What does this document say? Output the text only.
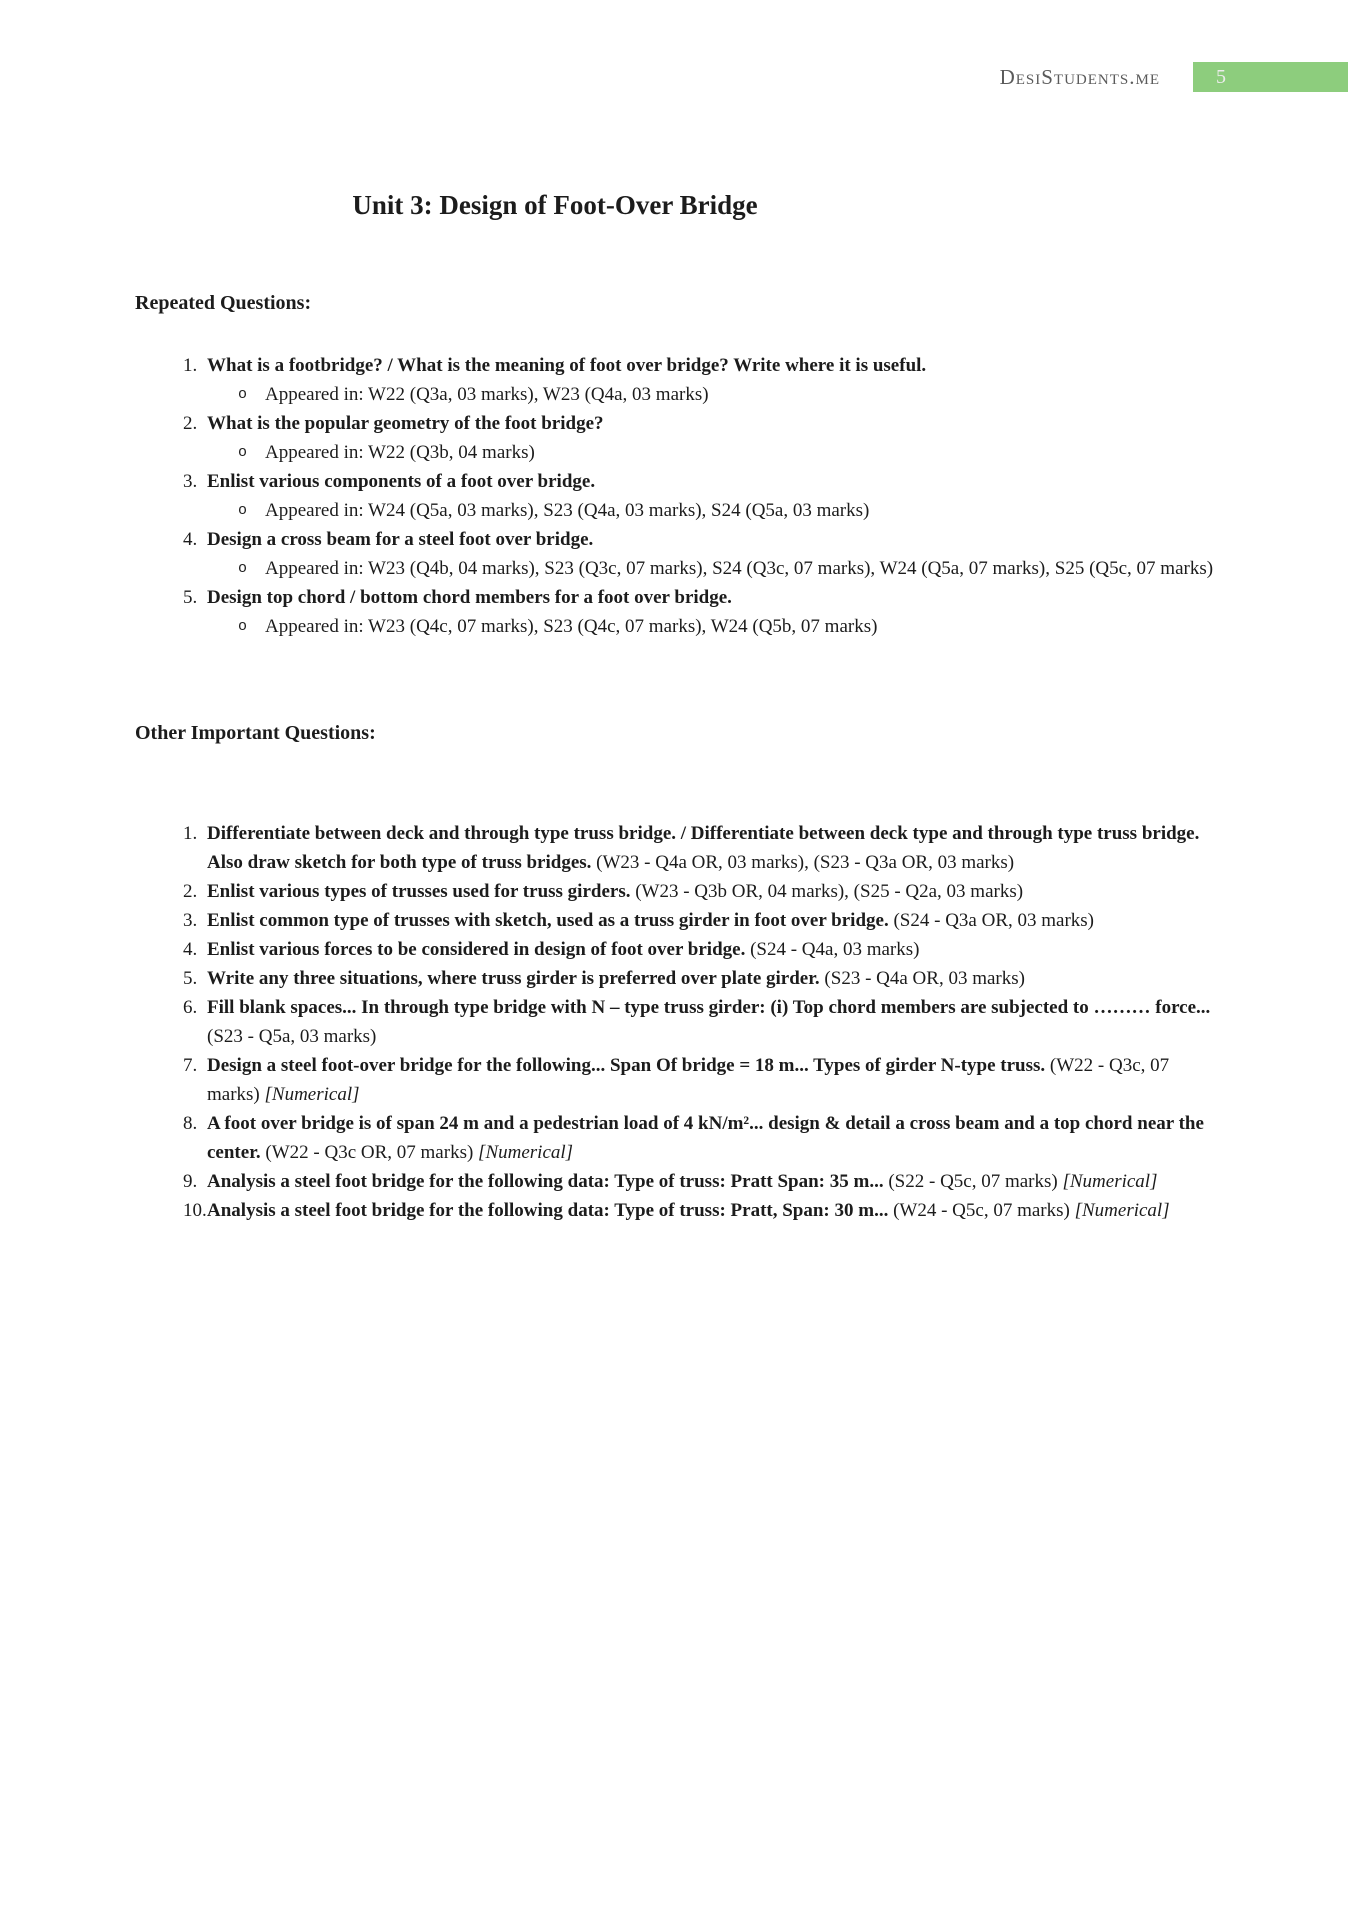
DesiStudents.me	5
Unit 3: Design of Foot-Over Bridge
Repeated Questions:
1. What is a footbridge? / What is the meaning of foot over bridge? Write where it is useful.
o Appeared in: W22 (Q3a, 03 marks), W23 (Q4a, 03 marks)
2. What is the popular geometry of the foot bridge?
o Appeared in: W22 (Q3b, 04 marks)
3. Enlist various components of a foot over bridge.
o Appeared in: W24 (Q5a, 03 marks), S23 (Q4a, 03 marks), S24 (Q5a, 03 marks)
4. Design a cross beam for a steel foot over bridge.
o Appeared in: W23 (Q4b, 04 marks), S23 (Q3c, 07 marks), S24 (Q3c, 07 marks), W24 (Q5a, 07 marks), S25 (Q5c, 07 marks)
5. Design top chord / bottom chord members for a foot over bridge.
o Appeared in: W23 (Q4c, 07 marks), S23 (Q4c, 07 marks), W24 (Q5b, 07 marks)
Other Important Questions:
1. Differentiate between deck and through type truss bridge. / Differentiate between deck type and through type truss bridge. Also draw sketch for both type of truss bridges. (W23 - Q4a OR, 03 marks), (S23 - Q3a OR, 03 marks)
2. Enlist various types of trusses used for truss girders. (W23 - Q3b OR, 04 marks), (S25 - Q2a, 03 marks)
3. Enlist common type of trusses with sketch, used as a truss girder in foot over bridge. (S24 - Q3a OR, 03 marks)
4. Enlist various forces to be considered in design of foot over bridge. (S24 - Q4a, 03 marks)
5. Write any three situations, where truss girder is preferred over plate girder. (S23 - Q4a OR, 03 marks)
6. Fill blank spaces... In through type bridge with N – type truss girder: (i) Top chord members are subjected to ……… force... (S23 - Q5a, 03 marks)
7. Design a steel foot-over bridge for the following... Span Of bridge = 18 m... Types of girder N-type truss. (W22 - Q3c, 07 marks) [Numerical]
8. A foot over bridge is of span 24 m and a pedestrian load of 4 kN/m²... design & detail a cross beam and a top chord near the center. (W22 - Q3c OR, 07 marks) [Numerical]
9. Analysis a steel foot bridge for the following data: Type of truss: Pratt Span: 35 m... (S22 - Q5c, 07 marks) [Numerical]
10. Analysis a steel foot bridge for the following data: Type of truss: Pratt, Span: 30 m... (W24 - Q5c, 07 marks) [Numerical]
